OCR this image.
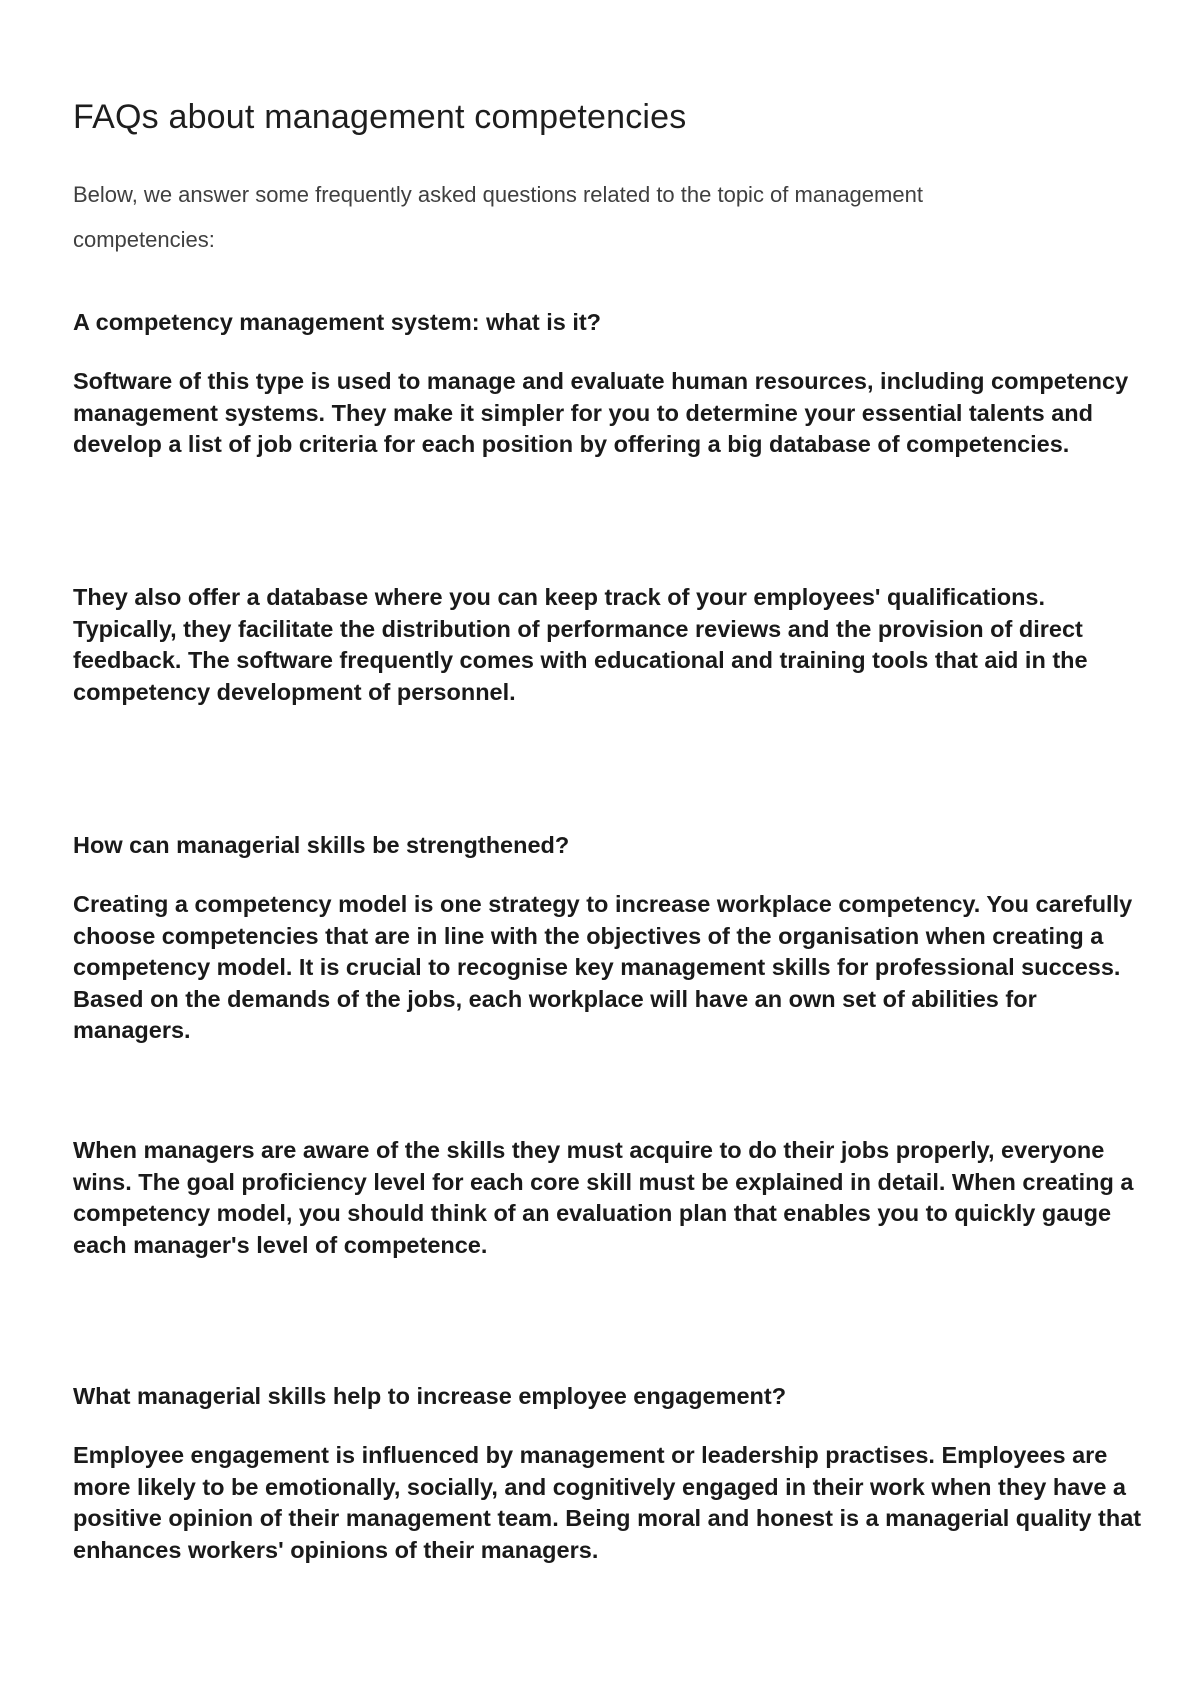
FAQs about management competencies

Below, we answer some frequently asked questions related to the topic of management competencies:

A competency management system: what is it?

Software of this type is used to manage and evaluate human resources, including competency management systems. They make it simpler for you to determine your essential talents and develop a list of job criteria for each position by offering a big database of competencies.

They also offer a database where you can keep track of your employees' qualifications. Typically, they facilitate the distribution of performance reviews and the provision of direct feedback. The software frequently comes with educational and training tools that aid in the competency development of personnel.

How can managerial skills be strengthened?

Creating a competency model is one strategy to increase workplace competency. You carefully choose competencies that are in line with the objectives of the organisation when creating a competency model. It is crucial to recognise key management skills for professional success. Based on the demands of the jobs, each workplace will have an own set of abilities for managers.

When managers are aware of the skills they must acquire to do their jobs properly, everyone wins. The goal proficiency level for each core skill must be explained in detail. When creating a competency model, you should think of an evaluation plan that enables you to quickly gauge each manager's level of competence.

What managerial skills help to increase employee engagement?

Employee engagement is influenced by management or leadership practises. Employees are more likely to be emotionally, socially, and cognitively engaged in their work when they have a positive opinion of their management team. Being moral and honest is a managerial quality that enhances workers' opinions of their managers.
